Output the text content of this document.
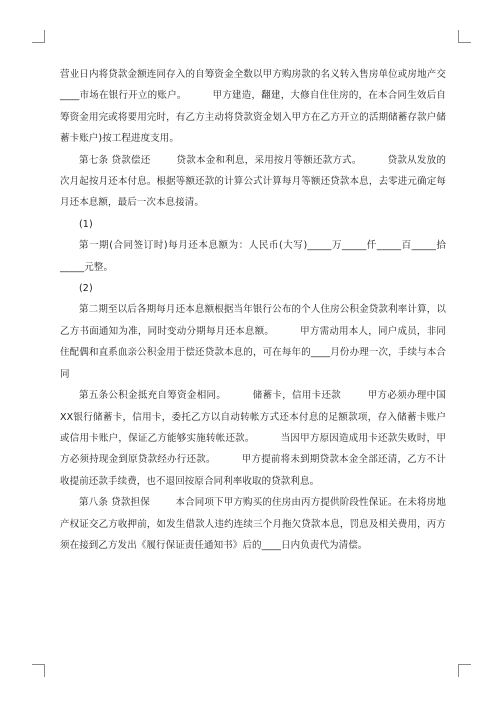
营业日内将贷款金额连同存入的自筹资金全数以甲方购房款的名义转入售房单位或房地产交____市场在银行开立的账户。        甲方建造，翻建，大修自住住房的，在本合同生效后自筹资金用完或将要用完时，有乙方主动将贷款资金划入甲方在乙方开立的活期储蓄存款户储蓄卡账户)按工程进度支用。

第七条 贷款偿还        贷款本金和利息，采用按月等额还款方式。        贷款从发放的次月起按月还本付息。根据等额还款的计算公式计算每月等额还贷款本息，去零进元确定每月还本息额，最后一次本息接清。

(1)

第一期(合同签订时)每月还本息额为：人民币(大写)_____万_____仟_____百_____拾_____元整。

(2)

第二期至以后各期每月还本息额根据当年银行公布的个人住房公积金贷款利率计算，以乙方书面通知为准，同时变动分期每月还本息额。        甲方需动用本人，同户成员，非同住配偶和直系血亲公积金用于偿还贷款本息的，可在每年的____月份办理一次，手续与本合同

第五条公积金抵充自筹资金相同。        储蓄卡，信用卡还款        甲方必须办理中国XX银行储蓄卡，信用卡，委托乙方以自动转帐方式还本付息的足额款项，存入储蓄卡账户或信用卡账户，保证乙方能够实施转帐还款。        当因甲方原因造成用卡还款失败时，甲方必须持现金到原贷款经办行还款。        甲方提前将未到期贷款本金全部还清，乙方不计收提前还款手续费，也不退回按原合同利率收取的贷款利息。

第八条 贷款担保        本合同项下甲方购买的住房由丙方提供阶段性保证。在未将房地产权证交乙方收押前，如发生借款人违约连续三个月拖欠贷款本息，罚息及相关费用，丙方须在接到乙方发出《履行保证责任通知书》后的____日内负责代为清偿。
